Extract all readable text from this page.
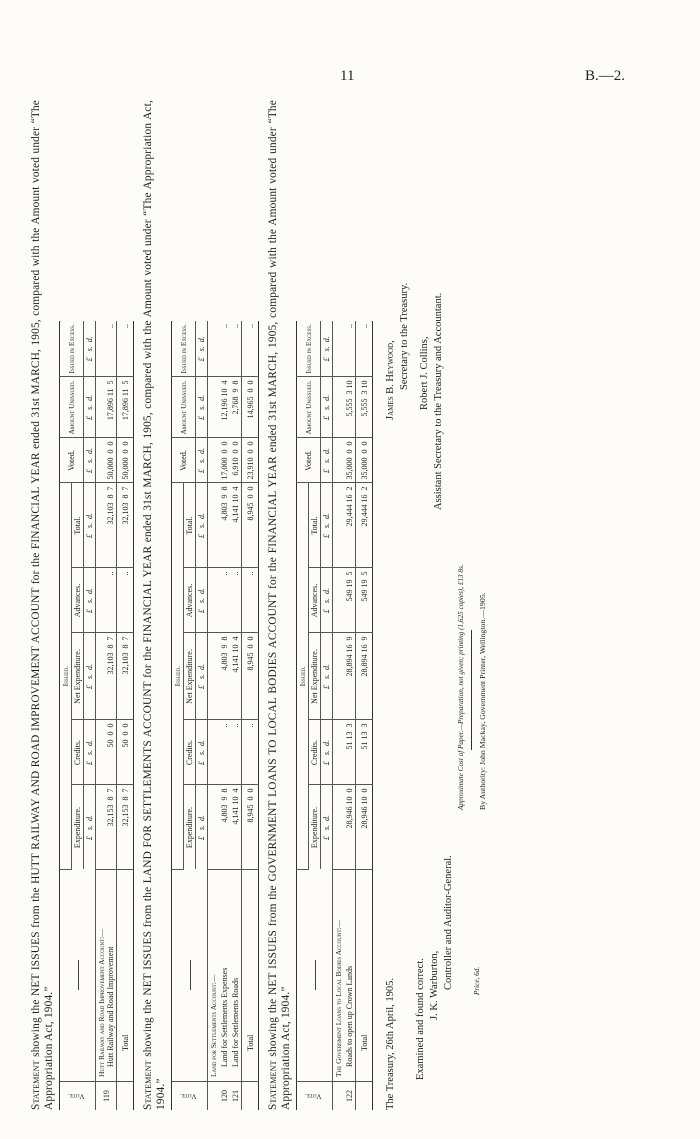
11	B.—2.
Statement showing the NET ISSUES from the HUTT RAILWAY AND ROAD IMPROVEMENT ACCOUNT for the FINANCIAL YEAR ended 31st MARCH, 1905, compared with the Amount voted under “The Appropriation Act, 1904.” Vote.		Issued.					Voted.	Amount Unissued.	Issued in Excess.
		Expenditure.	Credits.	Net Expenditure.	Advances.	Total.			
		£   s.  d.	£   s.  d.	£   s.  d.	£   s.  d.	£   s.  d.	£   s.  d.	£   s.  d.	£   s.  d.
119	Hutt Railway and Road Improvement Account:— Hutt Railway and Road Improvement	32,153  8  7	50  0  0	32,103  8  7	..	32,103  8  7	50,000  0  0	17,896 11  5	..
	Total	32,153  8  7	50  0  0	32,103  8  7	..	32,103  8  7	50,000  0  0	17,896 11  5	..
Statement showing the NET ISSUES from the LAND FOR SETTLEMENTS ACCOUNT for the FINANCIAL YEAR ended 31st MARCH, 1905, compared with the Amount voted under “The Appropriation Act, 1904.” Vote.		Issued.					Voted.	Amount Unissued.	Issued in Excess.
		Expenditure.	Credits.	Net Expenditure.	Advances.	Total.			
		£   s.  d.	£   s.  d.	£   s.  d.	£   s.  d.	£   s.  d.	£   s.  d.	£   s.  d.	£   s.  d.

	Land for Settlements Account:—								

120	Land for Settlements Expenses	4,803  9  8	..	4,803  9  8	..	4,803  9  8	17,000  0  0	12,196 10  4	..
121	Land for Settlements Roads	4,141 10  4	..	4,141 10  4	..	4,141 10  4	6,910  0  0	2,768  9  8	..
	Total	8,945  0  0	..	8,945  0  0	..	8,945  0  0	23,910  0  0	14,965  0  0	..
Statement showing the NET ISSUES from the GOVERNMENT LOANS TO LOCAL BODIES ACCOUNT for the FINANCIAL YEAR ended 31st MARCH, 1905, compared with the Amount voted under “The Appropriation Act, 1904.” Vote.		Issued.					Voted.	Amount Unissued.	Issued in Excess.
		Expenditure.	Credits.	Net Expenditure.	Advances.	Total.			
		£   s.  d.	£   s.  d.	£   s.  d.	£   s.  d.	£   s.  d.	£   s.  d.	£   s.  d.	£   s.  d.

	The Government Loans to Local Bodies Account:—								

122	Roads to open up Crown Lands	28,946 10  0	51 13  3	28,894 16  9	549 19  5	29,444 16  2	35,000  0  0	5,555  3 10	..
	Total	28,946 10  0	51 13  3	28,894 16  9	549 19  5	29,444 16  2	35,000  0  0	5,555  3 10	..
The Treasury, 26th April, 1905.
James B. Heywood, Secretary to the Treasury.
Examined and found correct.
Robert J. Collins, Assistant Secretary to the Treasury and Accountant.
J. K. Warburton, Controller and Auditor-General.
Approximate Cost of Paper.—Preparation, not given; printing (1,625 copies), £13 8s.
Price, 6d.
By Authority: John Mackay, Government Printer, Wellington.—1905.
